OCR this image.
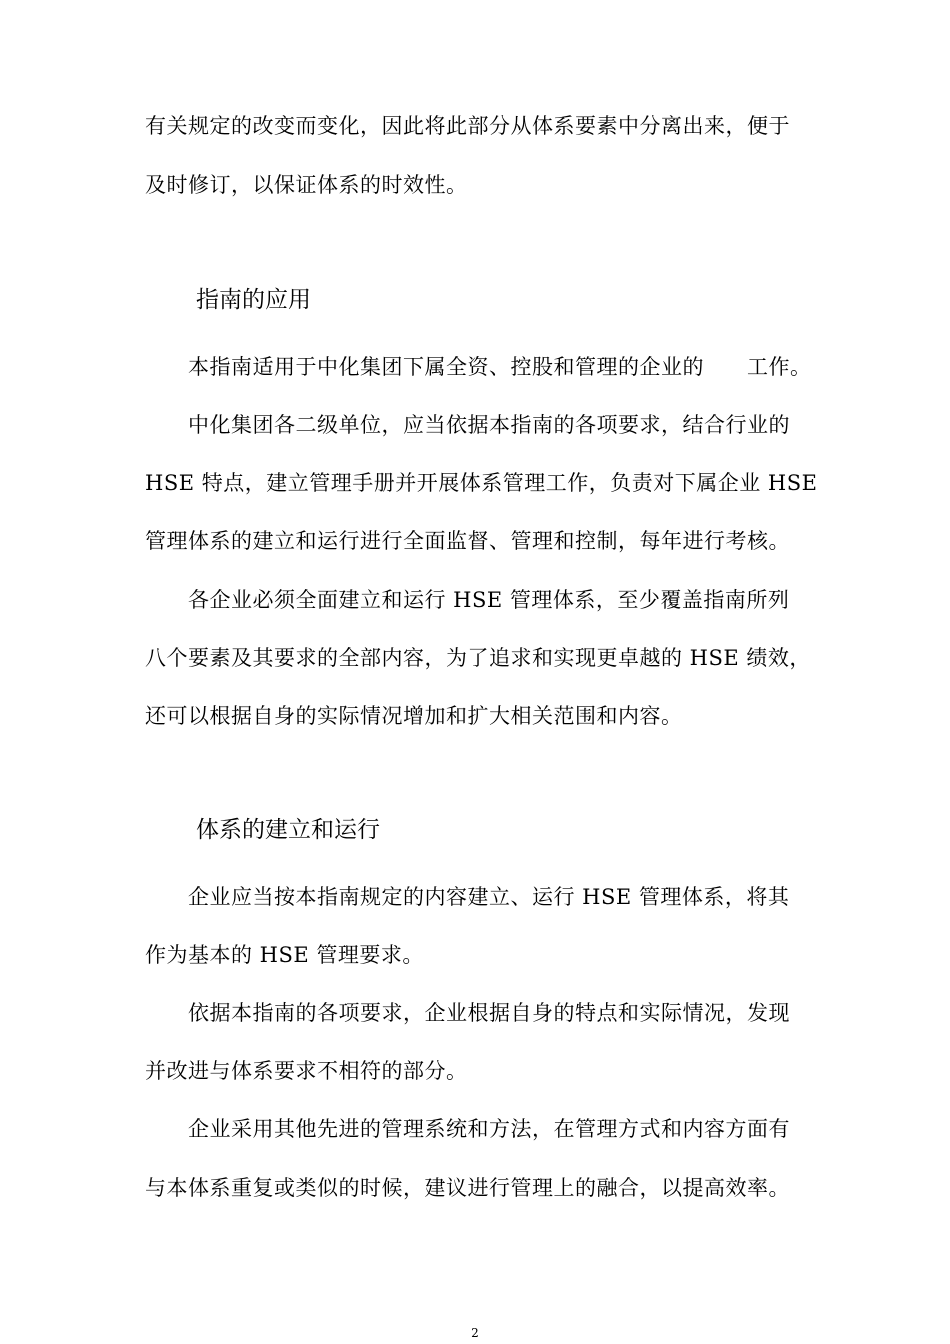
有关规定的改变而变化，因此将此部分从体系要素中分离出来，便于
及时修订，以保证体系的时效性。
指南的应用
本指南适用于中化集团下属全资、控股和管理的企业的　　工作。
中化集团各二级单位，应当依据本指南的各项要求，结合行业的
HSE 特点，建立管理手册并开展体系管理工作，负责对下属企业 HSE
管理体系的建立和运行进行全面监督、管理和控制，每年进行考核。
各企业必须全面建立和运行 HSE 管理体系，至少覆盖指南所列
八个要素及其要求的全部内容，为了追求和实现更卓越的 HSE 绩效，
还可以根据自身的实际情况增加和扩大相关范围和内容。
体系的建立和运行
企业应当按本指南规定的内容建立、运行 HSE 管理体系，将其
作为基本的 HSE 管理要求。
依据本指南的各项要求，企业根据自身的特点和实际情况，发现
并改进与体系要求不相符的部分。
企业采用其他先进的管理系统和方法，在管理方式和内容方面有
与本体系重复或类似的时候，建议进行管理上的融合，以提高效率。
2
